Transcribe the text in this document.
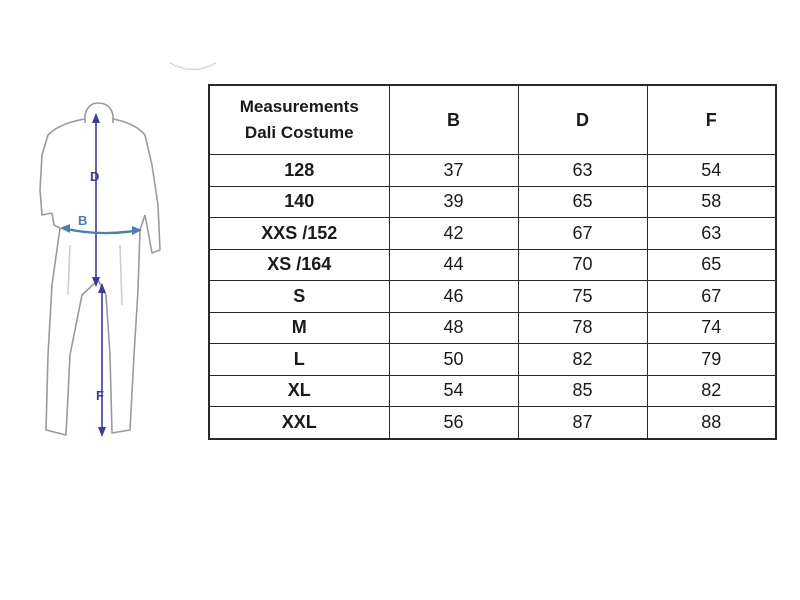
D
B
F
Measurements
Dali Costume	B	D	F
128	37	63	54
140	39	65	58
XXS /152	42	67	63
XS /164	44	70	65
S	46	75	67
M	48	78	74
L	50	82	79
XL	54	85	82
XXL	56	87	88
